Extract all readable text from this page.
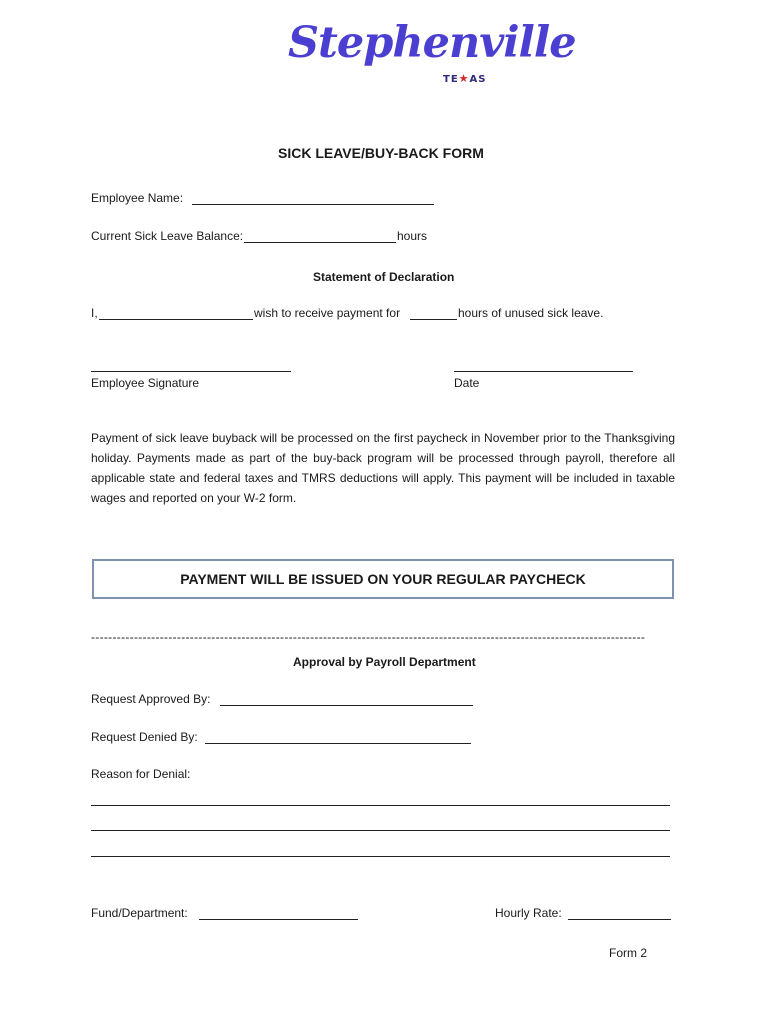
Stephenville
TE★AS
SICK LEAVE/BUY-BACK FORM
Employee Name:
Current Sick Leave Balance:	hours
Statement of Declaration
I,	wish to receive payment for	hours of unused sick leave.
Employee Signature	Date
Payment of sick leave buyback will be processed on the first paycheck in November prior to the Thanksgiving holiday. Payments made as part of the buy-back program will be processed through payroll, therefore all applicable state and federal taxes and TMRS deductions will apply. This payment will be included in taxable wages and reported on your W-2 form.
PAYMENT WILL BE ISSUED ON YOUR REGULAR PAYCHECK
---------------------------------------------------------------------------------------------------------------------------------
Approval by Payroll Department
Request Approved By:
Request Denied By:
Reason for Denial:
Fund/Department:	Hourly Rate:
Form 2
